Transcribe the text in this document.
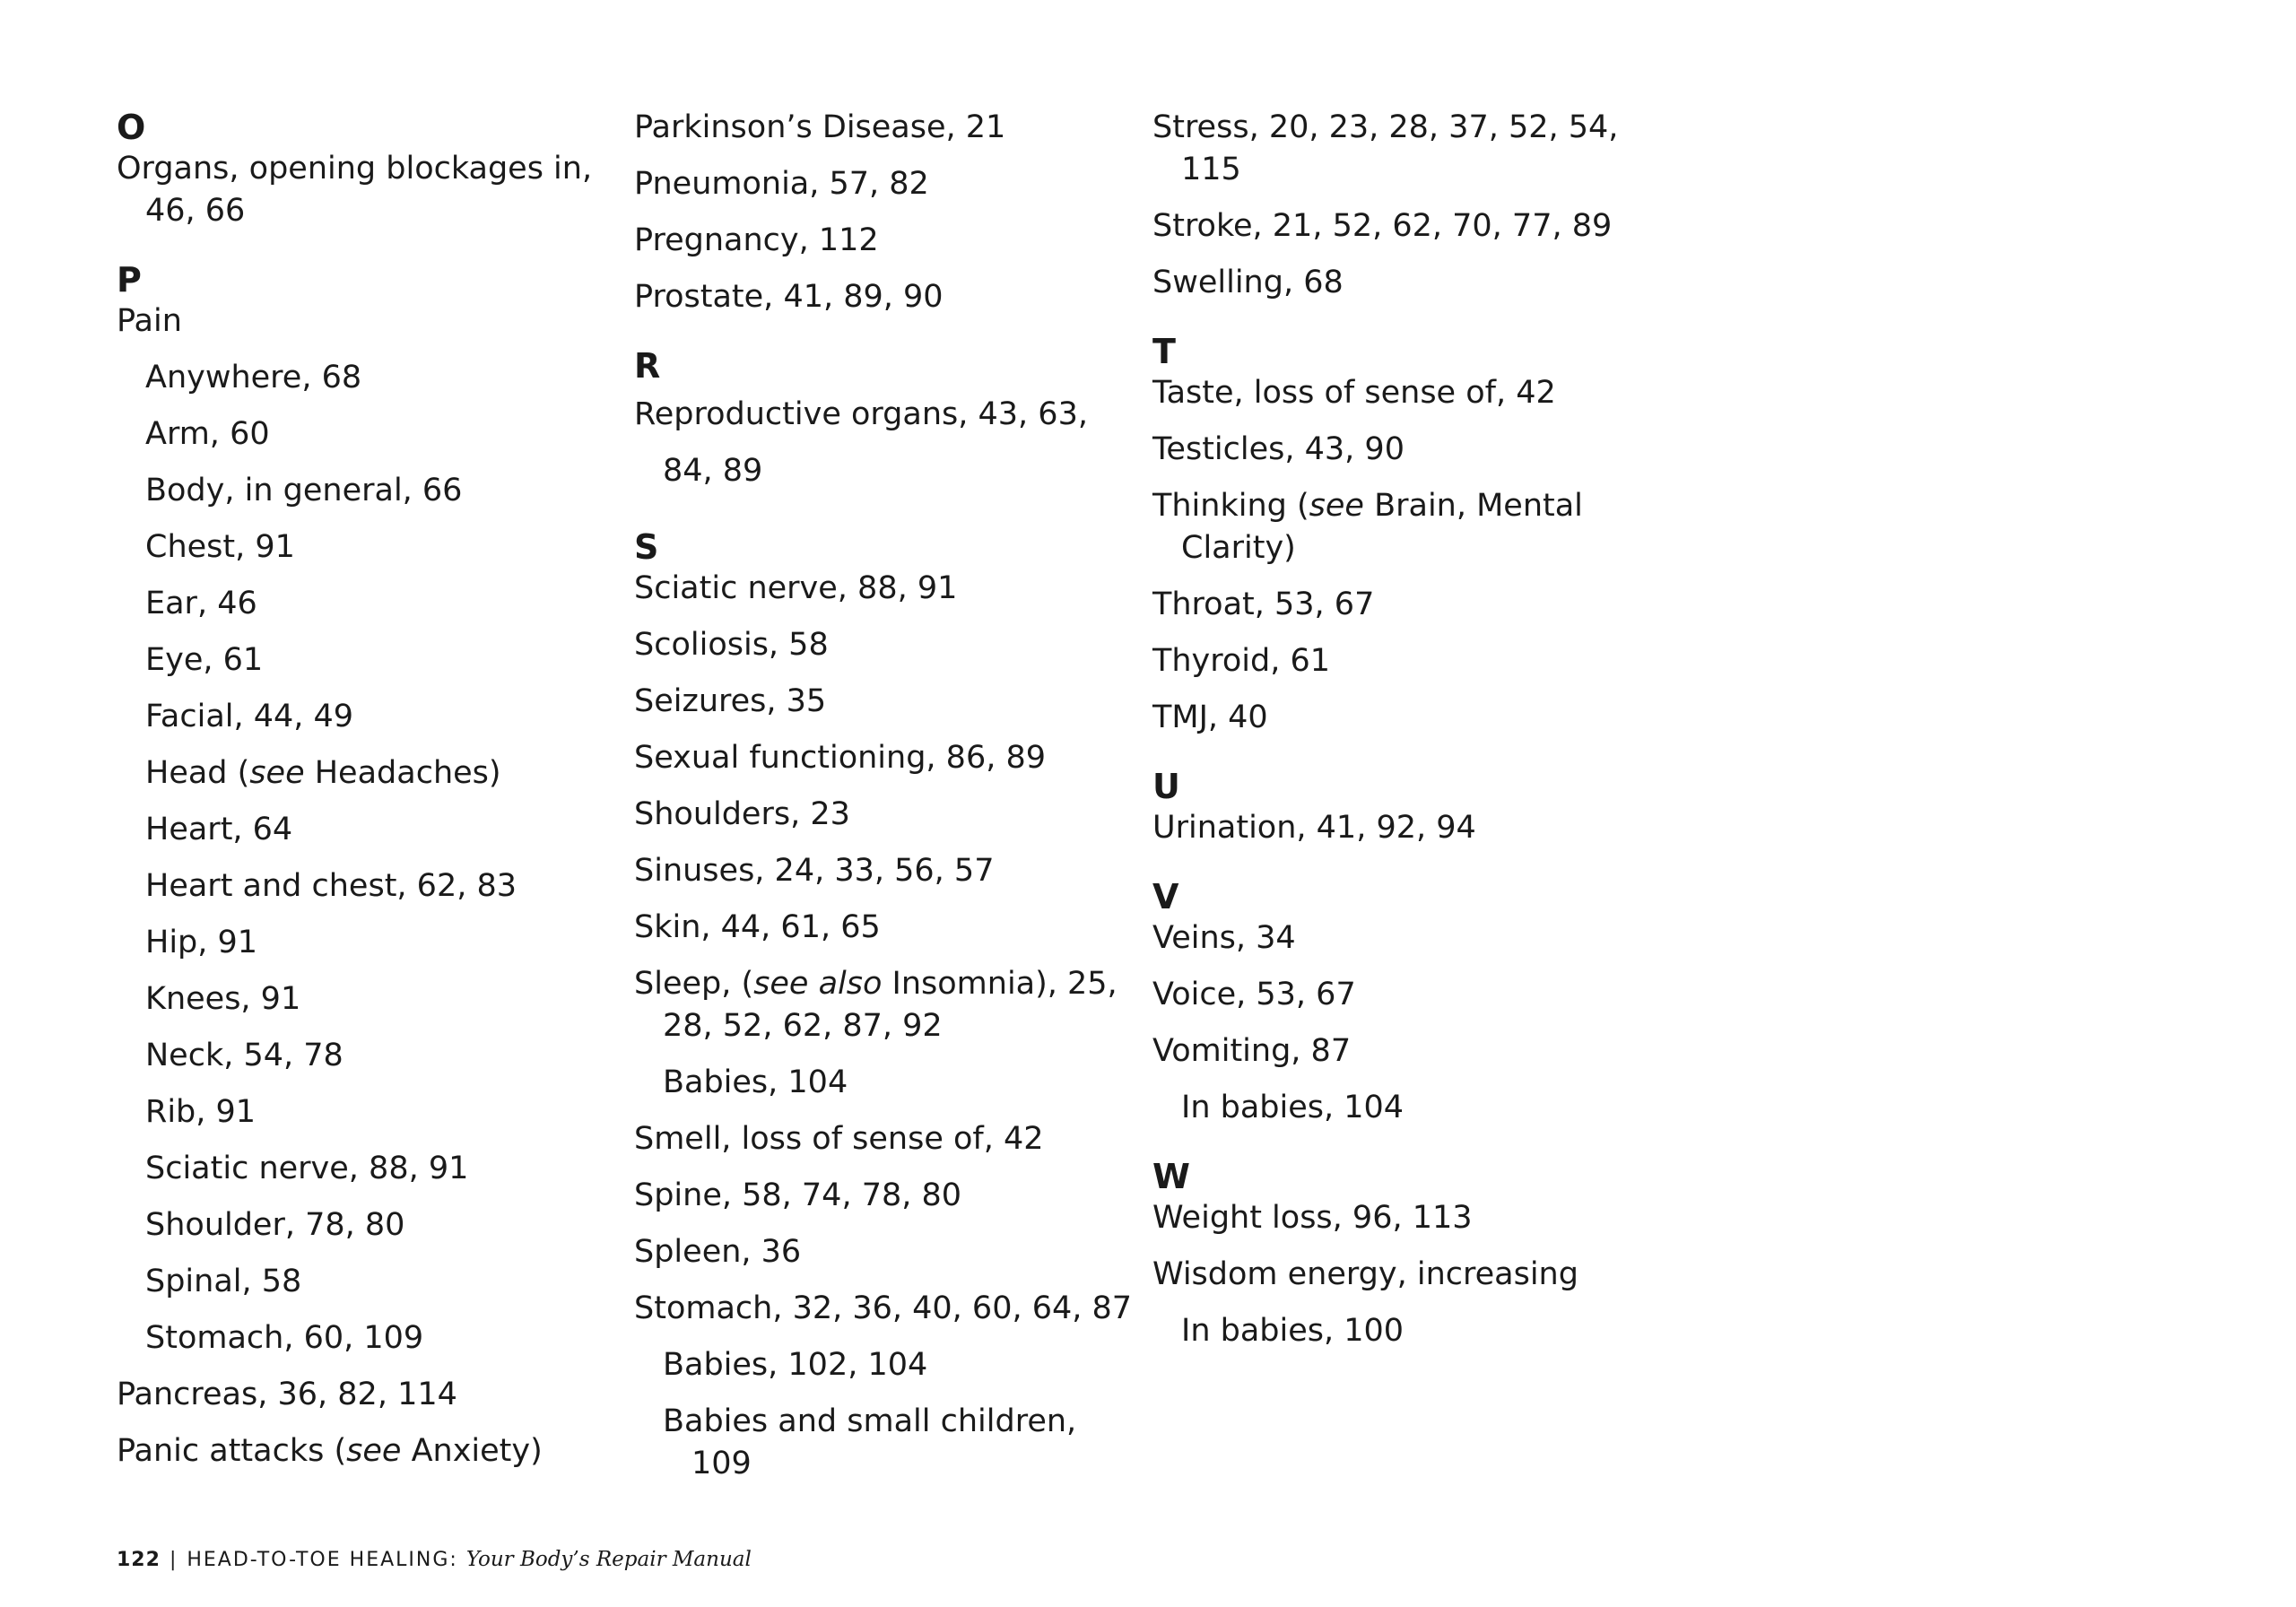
O
Organs, opening blockages in, 46, 66
P
Pain
Anywhere, 68
Arm, 60
Body, in general, 66
Chest, 91
Ear, 46
Eye, 61
Facial, 44, 49
Head (see Headaches)
Heart, 64
Heart and chest, 62, 83
Hip, 91
Knees, 91
Neck, 54, 78
Rib, 91
Sciatic nerve, 88, 91
Shoulder, 78, 80
Spinal, 58
Stomach, 60, 109
Pancreas, 36, 82, 114
Panic attacks (see Anxiety)
Parkinson’s Disease, 21
Pneumonia, 57, 82
Pregnancy, 112
Prostate, 41, 89, 90
R
Reproductive organs, 43, 63, 84, 89
S
Sciatic nerve, 88, 91
Scoliosis, 58
Seizures, 35
Sexual functioning, 86, 89
Shoulders, 23
Sinuses, 24, 33, 56, 57
Skin, 44, 61, 65
Sleep, (see also Insomnia), 25, 28, 52, 62, 87, 92
Babies, 104
Smell, loss of sense of, 42
Spine, 58, 74, 78, 80
Spleen, 36
Stomach, 32, 36, 40, 60, 64, 87
Babies, 102, 104
Babies and small children, 109
Stress, 20, 23, 28, 37, 52, 54, 115
Stroke, 21, 52, 62, 70, 77, 89
Swelling, 68
T
Taste, loss of sense of, 42
Testicles, 43, 90
Thinking (see Brain, Mental Clarity)
Throat, 53, 67
Thyroid, 61
TMJ, 40
U
Urination, 41, 92, 94
V
Veins, 34
Voice, 53, 67
Vomiting, 87
In babies, 104
W
Weight loss, 96, 113
Wisdom energy, increasing
In babies, 100
122 | HEAD-TO-TOE HEALING: Your Body’s Repair Manual
